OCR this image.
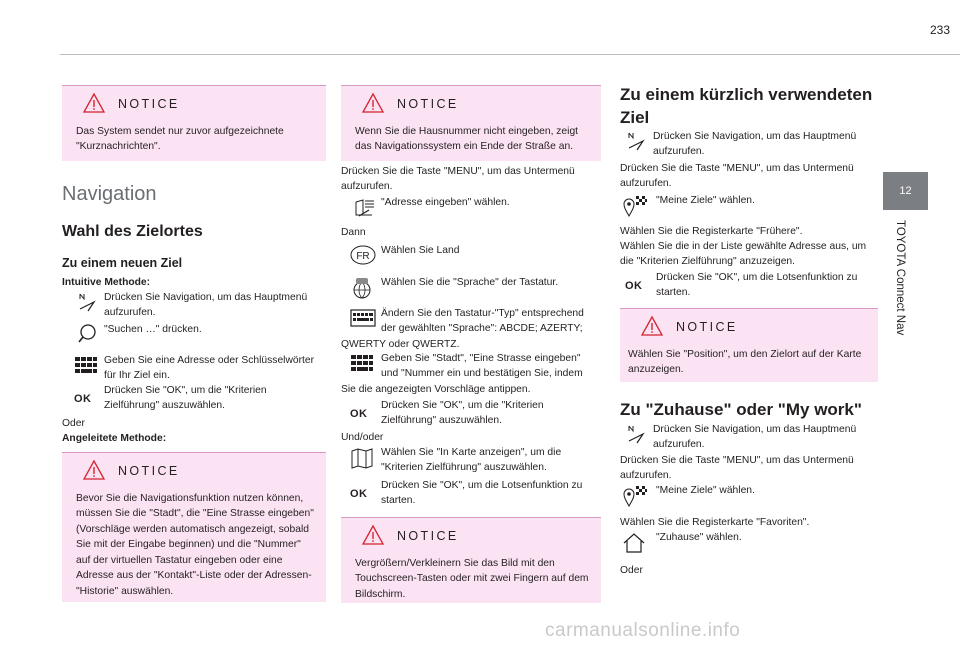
233
12
TOYOTA Connect Nav
NOTICE
Das System sendet nur zuvor aufgezeichnete "Kurznachrichten".
Navigation
Wahl des Zielortes
Zu einem neuen Ziel
Intuitive Methode:
Drücken Sie Navigation, um das Hauptmenü
aufzurufen.
"Suchen …" drücken.
Geben Sie eine Adresse oder Schlüsselwörter
für Ihr Ziel ein.
OK
Drücken Sie "OK", um die "Kriterien
Zielführung" auszuwählen.
Oder
Angeleitete Methode:
NOTICE
Bevor Sie die Navigationsfunktion nutzen können, müssen Sie die "Stadt", die "Eine Strasse eingeben" (Vorschläge werden automatisch angezeigt, sobald Sie mit der Eingabe beginnen) und die "Nummer" auf der virtuellen Tastatur eingeben oder eine Adresse aus der "Kontakt"-Liste oder der Adressen-"Historie" auswählen.
NOTICE
Wenn Sie die Hausnummer nicht eingeben, zeigt das Navigationssystem ein Ende der Straße an.
Drücken Sie die Taste "MENU", um das Untermenü aufzurufen.
"Adresse eingeben" wählen.
Dann
FR
Wählen Sie Land
Wählen Sie die "Sprache" der Tastatur.
Ändern Sie den Tastatur-"Typ" entsprechend
der gewählten "Sprache": ABCDE; AZERTY;
QWERTY oder QWERTZ.
Geben Sie "Stadt", "Eine Strasse eingeben"
und "Nummer ein und bestätigen Sie, indem
Sie die angezeigten Vorschläge antippen.
OK
Drücken Sie "OK", um die "Kriterien
Zielführung" auszuwählen.
Und/oder
Wählen Sie "In Karte anzeigen", um die
"Kriterien Zielführung" auszuwählen.
OK
Drücken Sie "OK", um die Lotsenfunktion zu
starten.
NOTICE
Vergrößern/Verkleinern Sie das Bild mit den Touchscreen-Tasten oder mit zwei Fingern auf dem Bildschirm.
Zu einem kürzlich verwendeten
Ziel
Drücken Sie Navigation, um das Hauptmenü
aufzurufen.
Drücken Sie die Taste "MENU", um das Untermenü aufzurufen.
"Meine Ziele" wählen.
Wählen Sie die Registerkarte "Frühere".
Wählen Sie die in der Liste gewählte Adresse aus, um die "Kriterien Zielführung" anzuzeigen.
OK
Drücken Sie "OK", um die Lotsenfunktion zu
starten.
NOTICE
Wählen Sie "Position", um den Zielort auf der Karte anzuzeigen.
Zu "Zuhause" oder "My work"
Drücken Sie Navigation, um das Hauptmenü
aufzurufen.
Drücken Sie die Taste "MENU", um das Untermenü aufzurufen.
"Meine Ziele" wählen.
Wählen Sie die Registerkarte "Favoriten".
"Zuhause" wählen.
Oder
carmanualsonline.info
